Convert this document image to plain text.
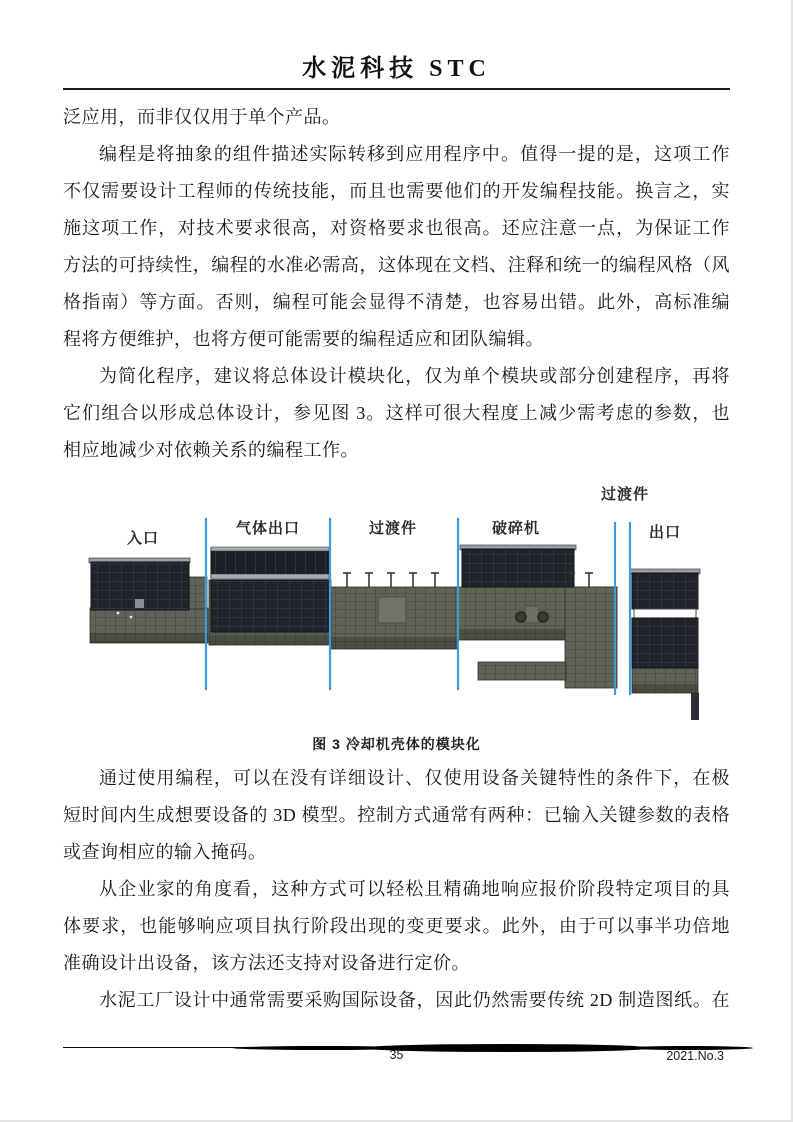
水泥科技 STC
泛应用，而非仅仅用于单个产品。
编程是将抽象的组件描述实际转移到应用程序中。值得一提的是，这项工作
不仅需要设计工程师的传统技能，而且也需要他们的开发编程技能。换言之，实
施这项工作，对技术要求很高，对资格要求也很高。还应注意一点，为保证工作
方法的可持续性，编程的水准必需高，这体现在文档、注释和统一的编程风格（风
格指南）等方面。否则，编程可能会显得不清楚，也容易出错。此外，高标准编
程将方便维护，也将方便可能需要的编程适应和团队编辑。
为简化程序，建议将总体设计模块化，仅为单个模块或部分创建程序，再将
它们组合以形成总体设计，参见图 3。这样可很大程度上减少需考虑的参数，也
相应地减少对依赖关系的编程工作。
入口
气体出口	过渡件	破碎机
过渡件
出口
图 3 冷却机壳体的模块化
通过使用编程，可以在没有详细设计、仅使用设备关键特性的条件下，在极
短时间内生成想要设备的 3D 模型。控制方式通常有两种：已输入关键参数的表格
或查询相应的输入掩码。
从企业家的角度看，这种方式可以轻松且精确地响应报价阶段特定项目的具
体要求，也能够响应项目执行阶段出现的变更要求。此外，由于可以事半功倍地
准确设计出设备，该方法还支持对设备进行定价。
水泥工厂设计中通常需要采购国际设备，因此仍然需要传统 2D 制造图纸。在
35	2021.No.3
